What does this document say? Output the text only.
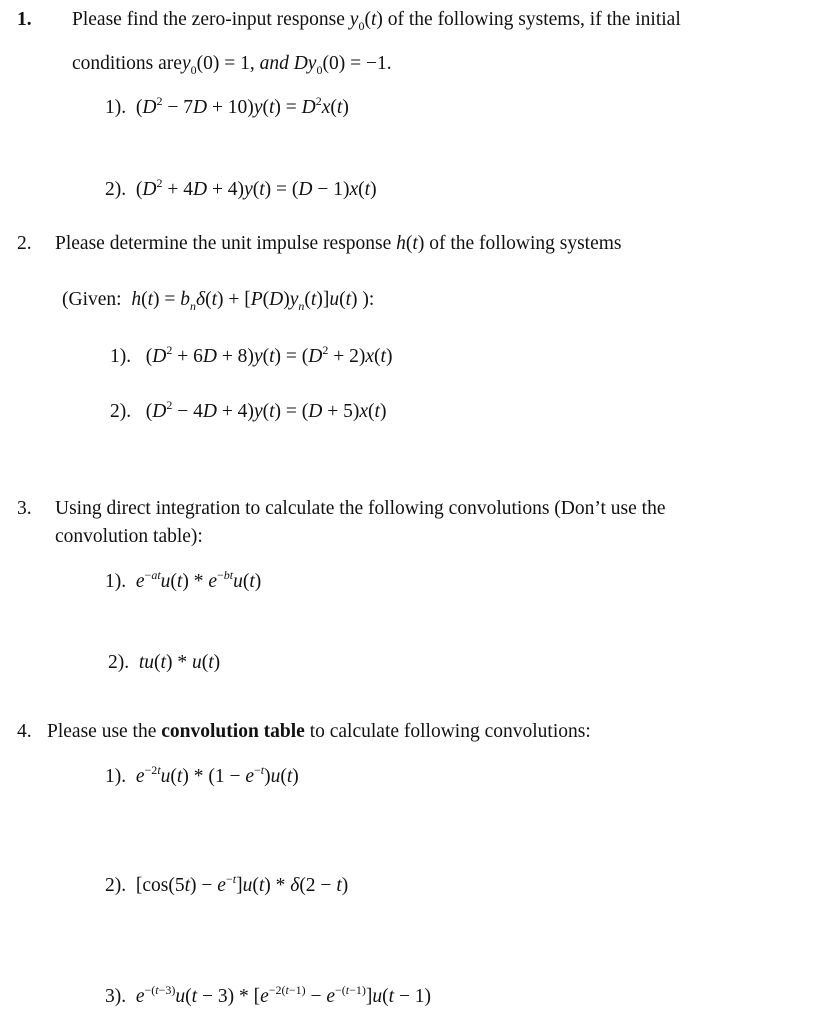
1. Please find the zero-input response $y_0(t)$ of the following systems, if the initial
conditions arey$_0$(0) = 1, and $Dy_0(0) = -1$.
1).  $(D^2 - 7D + 10)y(t) = D^2x(t)$
2).  $(D^2 + 4D + 4)y(t) = (D - 1)x(t)$
2. Please determine the unit impulse response h(t) of the following systems
(Given: $h(t) = b_n\delta(t) + [P(D)y_n(t)]u(t)$ ):
1).   $(D^2 + 6D + 8)y(t) = (D^2 + 2)x(t)$
2).   $(D^2 - 4D + 4)y(t) = (D + 5)x(t)$
3. Using direct integration to calculate the following convolutions (Don’t use the
convolution table):
1). $e^{-at}u(t) * e^{-bt}u(t)$
2). tu(t) * u(t)
4. Please use the convolution table to calculate following convolutions:
1). $e^{-2t}u(t) * (1 - e^{-t})u(t)$
2).  $[\cos(5t) - e^{-t}]u(t) * \delta(2 - t)$
3). $e^{-(t-3)}u(t - 3) * [e^{-2(t-1)} - e^{-(t-1)}]u(t - 1)$
